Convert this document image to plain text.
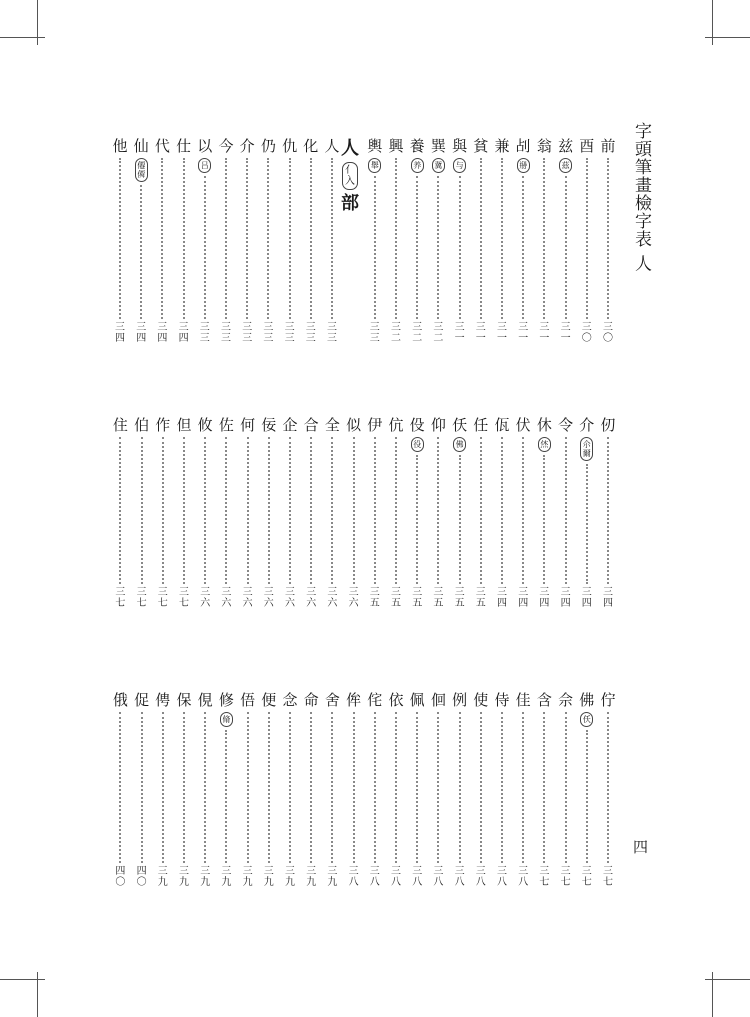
字頭筆畫檢字表 人
四
人
亻
入
部
前
三
〇
酉
三
〇
兹
茲
三
一
翁
三
一
㓠
剙
三
一
兼
三
一
貧
三
一
與
与
三
一
巽
冀
三
二
養
养
三
二
興
三
二
輿
舉
三
三
人
三
三
化
三
三
仇
三
三
仍
三
三
介
三
三
今
三
三
以
吕
三
三
仕
三
四
代
三
四
仙
僊
僲
三
四
他
三
四
仞
三
四
介
尒
爾
三
四
令
三
四
休
烋
三
四
伏
三
四
佤
三
四
任
三
五
仸
佛
三
五
仰
三
五
伇
役
三
五
伉
三
五
伊
三
五
似
三
六
全
三
六
合
三
六
企
三
六
佞
三
六
何
三
六
佐
三
六
攸
三
六
但
三
七
作
三
七
伯
三
七
住
三
七
佇
三
七
佛
仸
三
七
佘
三
七
含
三
七
佳
三
八
侍
三
八
使
三
八
例
三
八
佪
三
八
佩
三
八
依
三
八
侘
三
八
侔
三
八
舍
三
九
命
三
九
念
三
九
便
三
九
俉
三
九
修
脩
三
九
俔
三
九
保
三
九
俜
三
九
促
四
〇
俄
四
〇
